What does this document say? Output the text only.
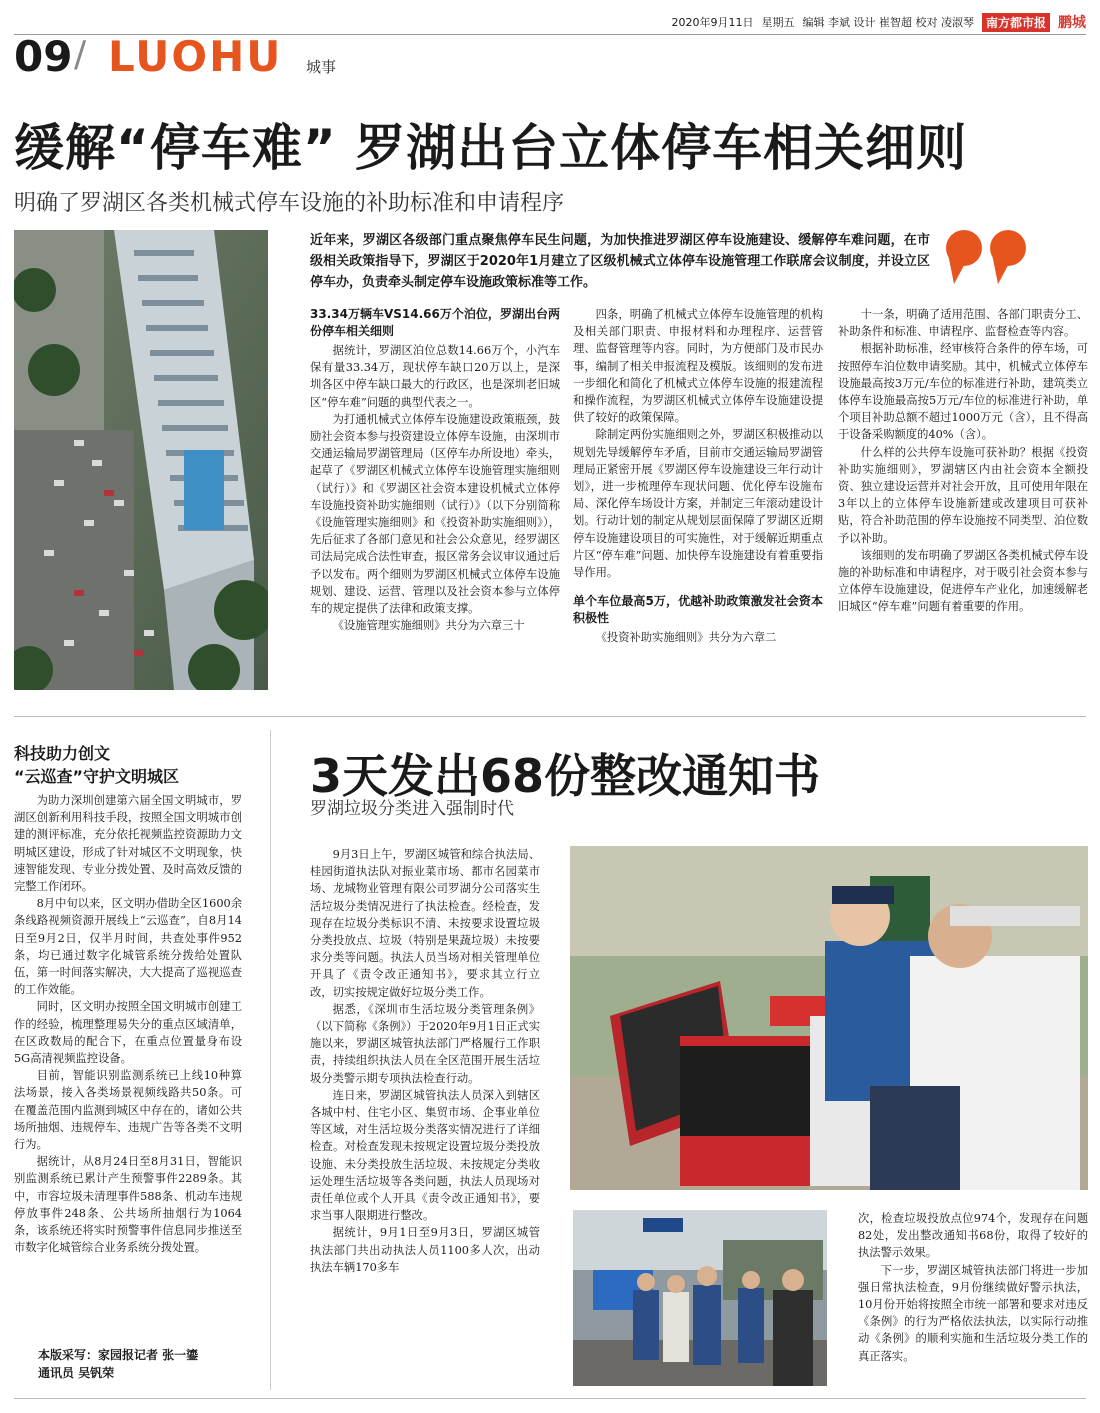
2020年9月11日 星期五 编辑 李斌 设计 崔智超 校对 凌淑琴	南方都市报 鹏城
09 / LUOHU 城事
缓解“停车难” 罗湖出台立体停车相关细则
明确了罗湖区各类机械式停车设施的补助标准和申请程序
近年来，罗湖区各级部门重点聚焦停车民生问题，为加快推进罗湖区停车设施建设、缓解停车难问题，在市级相关政策指导下，罗湖区于2020年1月建立了区级机械式立体停车设施管理工作联席会议制度，并设立区停车办，负责牵头制定停车设施政策标准等工作。
33.34万辆车VS14.66万个泊位，罗湖出台两份停车相关细则

据统计，罗湖区泊位总数14.66万个，小汽车保有量33.34万，现状停车缺口20万以上，是深圳各区中停车缺口最大的行政区，也是深圳老旧城区“停车难”问题的典型代表之一。

为打通机械式立体停车设施建设政策瓶颈，鼓励社会资本参与投资建设立体停车设施，由深圳市交通运输局罗湖管理局（区停车办所设地）牵头，起草了《罗湖区机械式立体停车设施管理实施细则（试行）》和《罗湖区社会资本建设机械式立体停车设施投资补助实施细则（试行）》（以下分别简称《设施管理实施细则》和《投资补助实施细则》），先后征求了各部门意见和社会公众意见，经罗湖区司法局完成合法性审查，报区常务会议审议通过后予以发布。两个细则为罗湖区机械式立体停车设施规划、建设、运营、管理以及社会资本参与立体停车的规定提供了法律和政策支撑。

《设施管理实施细则》共分为六章三十

四条，明确了机械式立体停车设施管理的机构及相关部门职责、申报材料和办理程序、运营管理、监督管理等内容。同时，为方便部门及市民办事，编制了相关申报流程及模版。该细则的发布进一步细化和简化了机械式立体停车设施的报建流程和操作流程，为罗湖区机械式立体停车设施建设提供了较好的政策保障。

除制定两份实施细则之外，罗湖区积极推动以规划先导缓解停车矛盾，目前市交通运输局罗湖管理局正紧密开展《罗湖区停车设施建设三年行动计划》，进一步梳理停车现状问题、优化停车设施布局、深化停车场设计方案，并制定三年滚动建设计划。行动计划的制定从规划层面保障了罗湖区近期停车设施建设项目的可实施性，对于缓解近期重点片区“停车难”问题、加快停车设施建设有着重要指导作用。

单个车位最高5万，优越补助政策激发社会资本积极性

《投资补助实施细则》共分为六章二

十一条，明确了适用范围、各部门职责分工、补助条件和标准、申请程序、监督检查等内容。

根据补助标准，经审核符合条件的停车场，可按照停车泊位数申请奖励。其中，机械式立体停车设施最高按3万元/车位的标准进行补助，建筑类立体停车设施最高按5万元/车位的标准进行补助，单个项目补助总额不超过1000万元（含），且不得高于设备采购额度的40%（含）。

什么样的公共停车设施可获补助？根据《投资补助实施细则》，罗湖辖区内由社会资本全额投资、独立建设运营并对社会开放，且可使用年限在3年以上的立体停车设施新建或改建项目可获补贴，符合补助范围的停车设施按不同类型、泊位数予以补助。

该细则的发布明确了罗湖区各类机械式停车设施的补助标准和申请程序，对于吸引社会资本参与立体停车设施建设，促进停车产业化，加速缓解老旧城区“停车难”问题有着重要的作用。

科技助力创文
“云巡查”守护文明城区

为助力深圳创建第六届全国文明城市，罗湖区创新利用科技手段，按照全国文明城市创建的测评标准，充分依托视频监控资源助力文明城区建设，形成了针对城区不文明现象，快速智能发现、专业分拨处置、及时高效反馈的完整工作闭环。

8月中旬以来，区文明办借助全区1600余条线路视频资源开展线上“云巡查”，自8月14日至9月2日，仅半月时间，共查处事件952条，均已通过数字化城管系统分拨给处置队伍，第一时间落实解决，大大提高了巡视巡查的工作效能。

同时，区文明办按照全国文明城市创建工作的经验，梳理整理易失分的重点区域清单，在区政数局的配合下，在重点位置量身布设5G高清视频监控设备。

目前，智能识别监测系统已上线10种算法场景，接入各类场景视频线路共50条。可在覆盖范围内监测到城区中存在的，诸如公共场所抽烟、违规停车、违规广告等各类不文明行为。

据统计，从8月24日至8月31日，智能识别监测系统已累计产生预警事件2289条。其中，市容垃圾未清理事件588条、机动车违规停放事件248条、公共场所抽烟行为1064条，该系统还将实时预警事件信息同步推送至市数字化城管综合业务系统分拨处置。

本版采写：家园报记者 张一鎏
通讯员 吴钒荣
3天发出68份整改通知书
罗湖垃圾分类进入强制时代

9月3日上午，罗湖区城管和综合执法局、桂园街道执法队对振业菜市场、都市名园菜市场、龙城物业管理有限公司罗湖分公司落实生活垃圾分类情况进行了执法检查。经检查，发现存在垃圾分类标识不清、未按要求设置垃圾分类投放点、垃圾（特别是果蔬垃圾）未按要求分类等问题。执法人员当场对相关管理单位开具了《责令改正通知书》，要求其立行立改，切实按规定做好垃圾分类工作。

据悉，《深圳市生活垃圾分类管理条例》（以下简称《条例》）于2020年9月1日正式实施以来，罗湖区城管执法部门严格履行工作职责，持续组织执法人员在全区范围开展生活垃圾分类警示期专项执法检查行动。

连日来，罗湖区城管执法人员深入到辖区各城中村、住宅小区、集贸市场、企事业单位等区域，对生活垃圾分类落实情况进行了详细检查。对检查发现未按规定设置垃圾分类投放设施、未分类投放生活垃圾、未按规定分类收运处理生活垃圾等各类问题，执法人员现场对责任单位或个人开具《责令改正通知书》，要求当事人限期进行整改。

据统计，9月1日至9月3日，罗湖区城管执法部门共出动执法人员1100多人次，出动执法车辆170多车

次，检查垃圾投放点位974个，发现存在问题82处，发出整改通知书68份，取得了较好的执法警示效果。

下一步，罗湖区城管执法部门将进一步加强日常执法检查，9月份继续做好警示执法，10月份开始将按照全市统一部署和要求对违反《条例》的行为严格依法执法，以实际行动推动《条例》的顺利实施和生活垃圾分类工作的真正落实。
